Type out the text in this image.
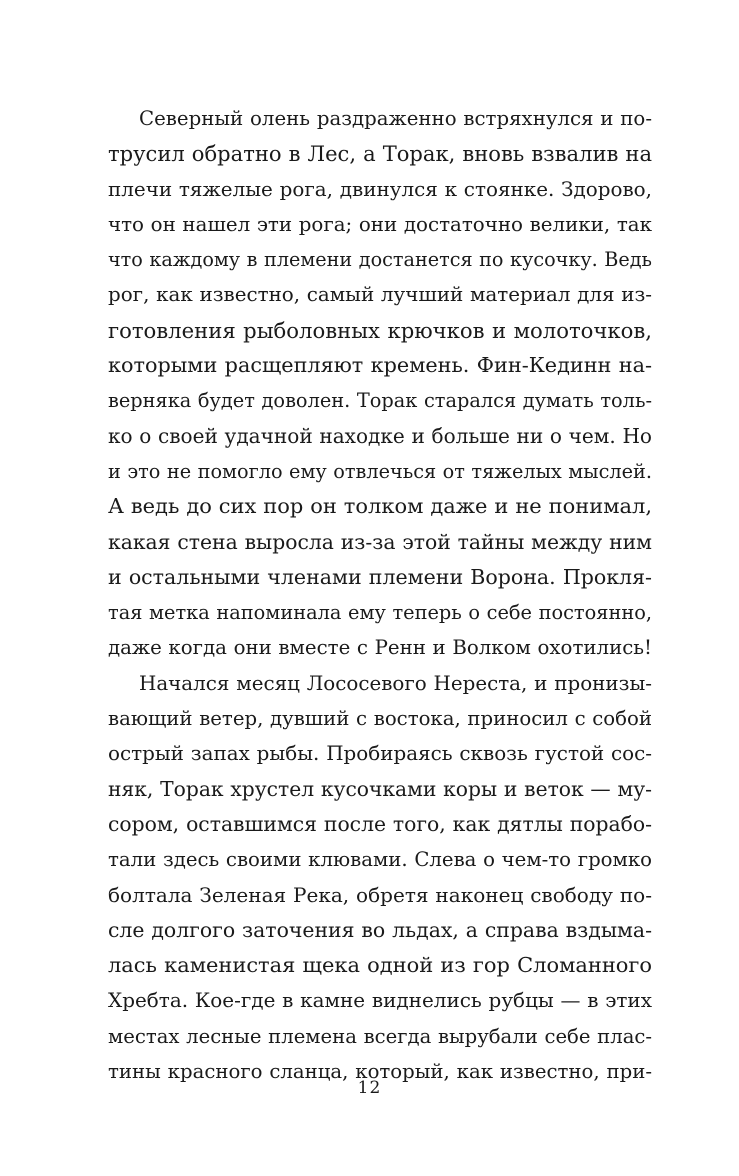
Северный олень раздраженно встряхнулся и по-
трусил обратно в Лес, а Торак, вновь взвалив на
плечи тяжелые рога, двинулся к стоянке. Здорово,
что он нашел эти рога; они достаточно велики, так
что каждому в племени достанется по кусочку. Ведь
рог, как известно, самый лучший материал для из-
готовления рыболовных крючков и молоточков,
которыми расщепляют кремень. Фин-Кединн на-
верняка будет доволен. Торак старался думать толь-
ко о своей удачной находке и больше ни о чем. Но
и это не помогло ему отвлечься от тяжелых мыслей.
А ведь до сих пор он толком даже и не понимал,
какая стена выросла из-за этой тайны между ним
и остальными членами племени Ворона. Прокля-
тая метка напоминала ему теперь о себе постоянно,
даже когда они вместе с Ренн и Волком охотились!
Начался месяц Лососевого Нереста, и пронизы-
вающий ветер, дувший с востока, приносил с собой
острый запах рыбы. Пробираясь сквозь густой сос-
няк, Торак хрустел кусочками коры и веток — му-
сором, оставшимся после того, как дятлы порабо-
тали здесь своими клювами. Слева о чем-то громко
болтала Зеленая Река, обретя наконец свободу по-
сле долгого заточения во льдах, а справа вздыма-
лась каменистая щека одной из гор Сломанного
Хребта. Кое-где в камне виднелись рубцы — в этих
местах лесные племена всегда вырубали себе плас-
тины красного сланца, который, как известно, при-
12
